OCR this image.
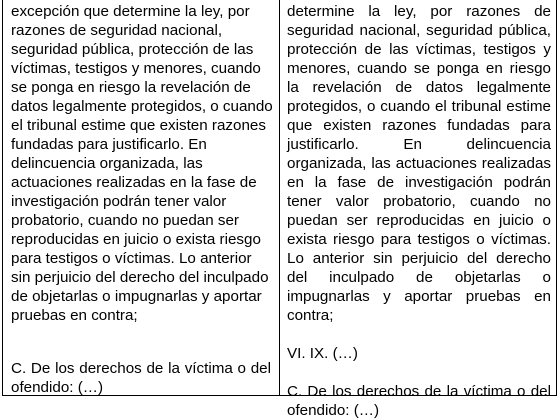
excepción que determine la ley, por razones de seguridad nacional, seguridad pública, protección de las víctimas, testigos y menores, cuando se ponga en riesgo la revelación de datos legalmente protegidos, o cuando el tribunal estime que existen razones fundadas para justificarlo. En delincuencia organizada, las actuaciones realizadas en la fase de investigación podrán tener valor probatorio, cuando no puedan ser reproducidas en juicio o exista riesgo para testigos o víctimas. Lo anterior sin perjuicio del derecho del inculpado de objetarlas o impugnarlas y aportar pruebas en contra;

C. De los derechos de la víctima o del ofendido: (…)

determine la ley, por razones de seguridad nacional, seguridad pública, protección de las víctimas, testigos y menores, cuando se ponga en riesgo la revelación de datos legalmente protegidos, o cuando el tribunal estime que existen razones fundadas para justificarlo. En delincuencia organizada, las actuaciones realizadas en la fase de investigación podrán tener valor probatorio, cuando no puedan ser reproducidas en juicio o exista riesgo para testigos o víctimas. Lo anterior sin perjuicio del derecho del inculpado de objetarlas o impugnarlas y aportar pruebas en contra;

VI. IX. (…)

C. De los derechos de la víctima o del ofendido: (…)
